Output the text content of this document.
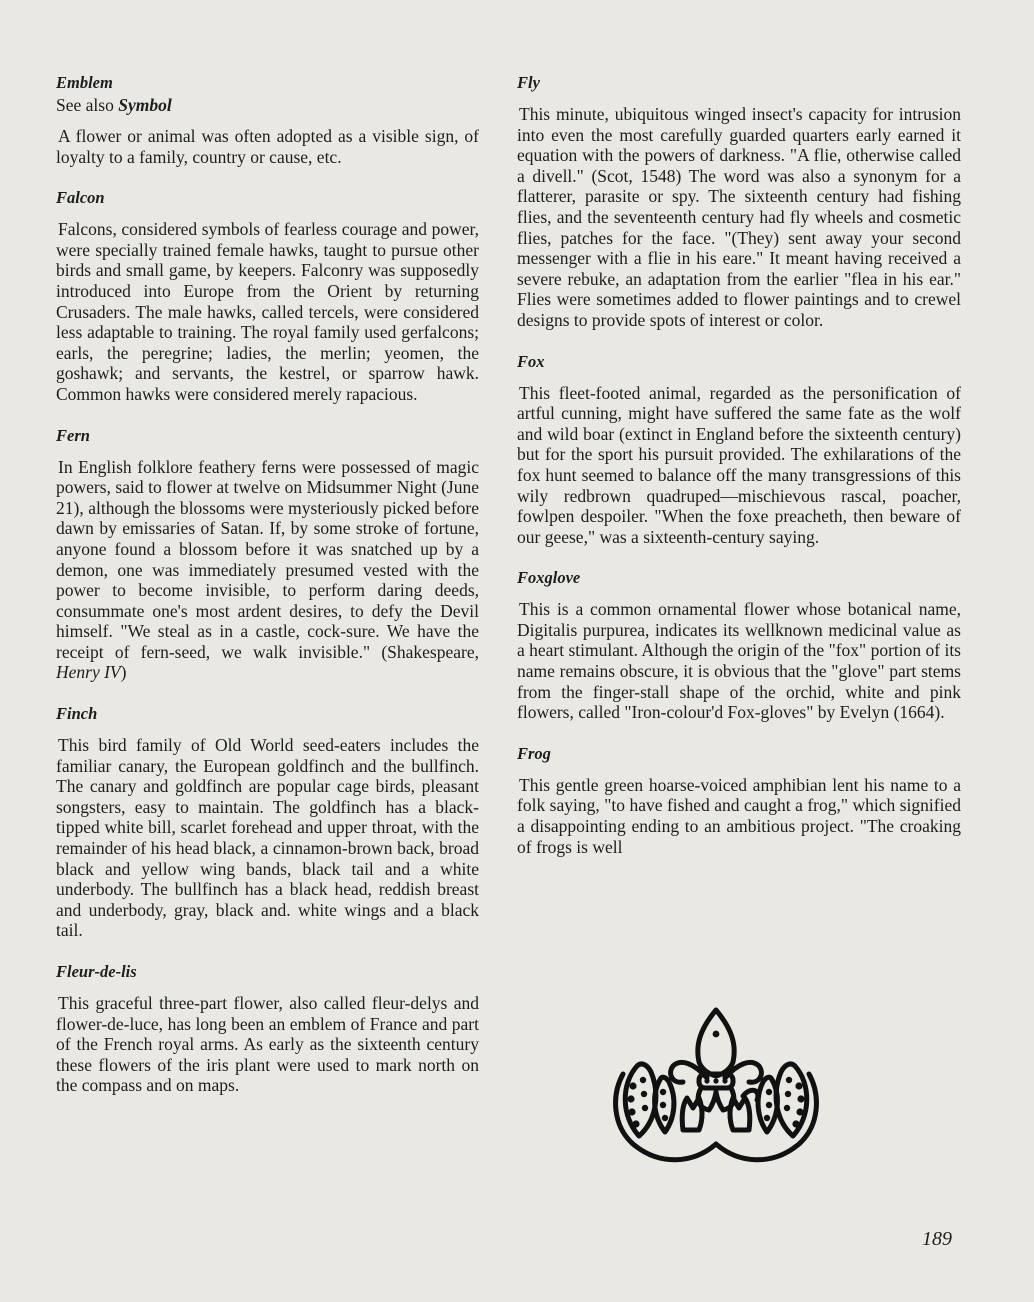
Emblem

See also Symbol

A flower or animal was often adopted as a visible sign, of loyalty to a family, country or cause, etc.

Falcon

Falcons, considered symbols of fearless courage and power, were specially trained female hawks, taught to pursue other birds and small game, by keepers. Falconry was supposedly introduced into Europe from the Orient by returning Crusaders. The male hawks, called tercels, were considered less adaptable to training. The royal family used gerfalcons; earls, the peregrine; ladies, the merlin; yeomen, the goshawk; and servants, the kestrel, or sparrow hawk. Common hawks were considered merely rapacious.

Fern

In English folklore feathery ferns were possessed of magic powers, said to flower at twelve on Midsummer Night (June 21), although the blossoms were mysteriously picked before dawn by emissaries of Satan. If, by some stroke of fortune, anyone found a blossom before it was snatched up by a demon, one was immediately presumed vested with the power to become invisible, to perform daring deeds, consummate one's most ardent desires, to defy the Devil himself. "We steal as in a castle, cock-sure. We have the receipt of fern-seed, we walk invisible." (Shakespeare, Henry IV)

Finch

This bird family of Old World seed-eaters includes the familiar canary, the European goldfinch and the bullfinch. The canary and goldfinch are popular cage birds, pleasant songsters, easy to maintain. The goldfinch has a black-tipped white bill, scarlet forehead and upper throat, with the remainder of his head black, a cinnamon-brown back, broad black and yellow wing bands, black tail and a white underbody. The bullfinch has a black head, reddish breast and underbody, gray, black and. white wings and a black tail.

Fleur-de-lis

This graceful three-part flower, also called fleur-delys and flower-de-luce, has long been an emblem of France and part of the French royal arms. As early as the sixteenth century these flowers of the iris plant were used to mark north on the compass and on maps.

Fly

This minute, ubiquitous winged insect's capacity for intrusion into even the most carefully guarded quarters early earned it equation with the powers of darkness. "A flie, otherwise called a divell." (Scot, 1548) The word was also a synonym for a flatterer, parasite or spy. The sixteenth century had fishing flies, and the seventeenth century had fly wheels and cosmetic flies, patches for the face. "(They) sent away your second messenger with a flie in his eare." It meant having received a severe rebuke, an adaptation from the earlier "flea in his ear." Flies were sometimes added to flower paintings and to crewel designs to provide spots of interest or color.

Fox

This fleet-footed animal, regarded as the personification of artful cunning, might have suffered the same fate as the wolf and wild boar (extinct in England before the sixteenth century) but for the sport his pursuit provided. The exhilarations of the fox hunt seemed to balance off the many transgressions of this wily redbrown quadruped—mischievous rascal, poacher, fowlpen despoiler. "When the foxe preacheth, then beware of our geese," was a sixteenth-century saying.

Foxglove

This is a common ornamental flower whose botanical name, Digitalis purpurea, indicates its wellknown medicinal value as a heart stimulant. Although the origin of the "fox" portion of its name remains obscure, it is obvious that the "glove" part stems from the finger-stall shape of the orchid, white and pink flowers, called "Iron-colour'd Fox-gloves" by Evelyn (1664).

Frog

This gentle green hoarse-voiced amphibian lent his name to a folk saying, "to have fished and caught a frog," which signified a disappointing ending to an ambitious project. "The croaking of frogs is well

189
